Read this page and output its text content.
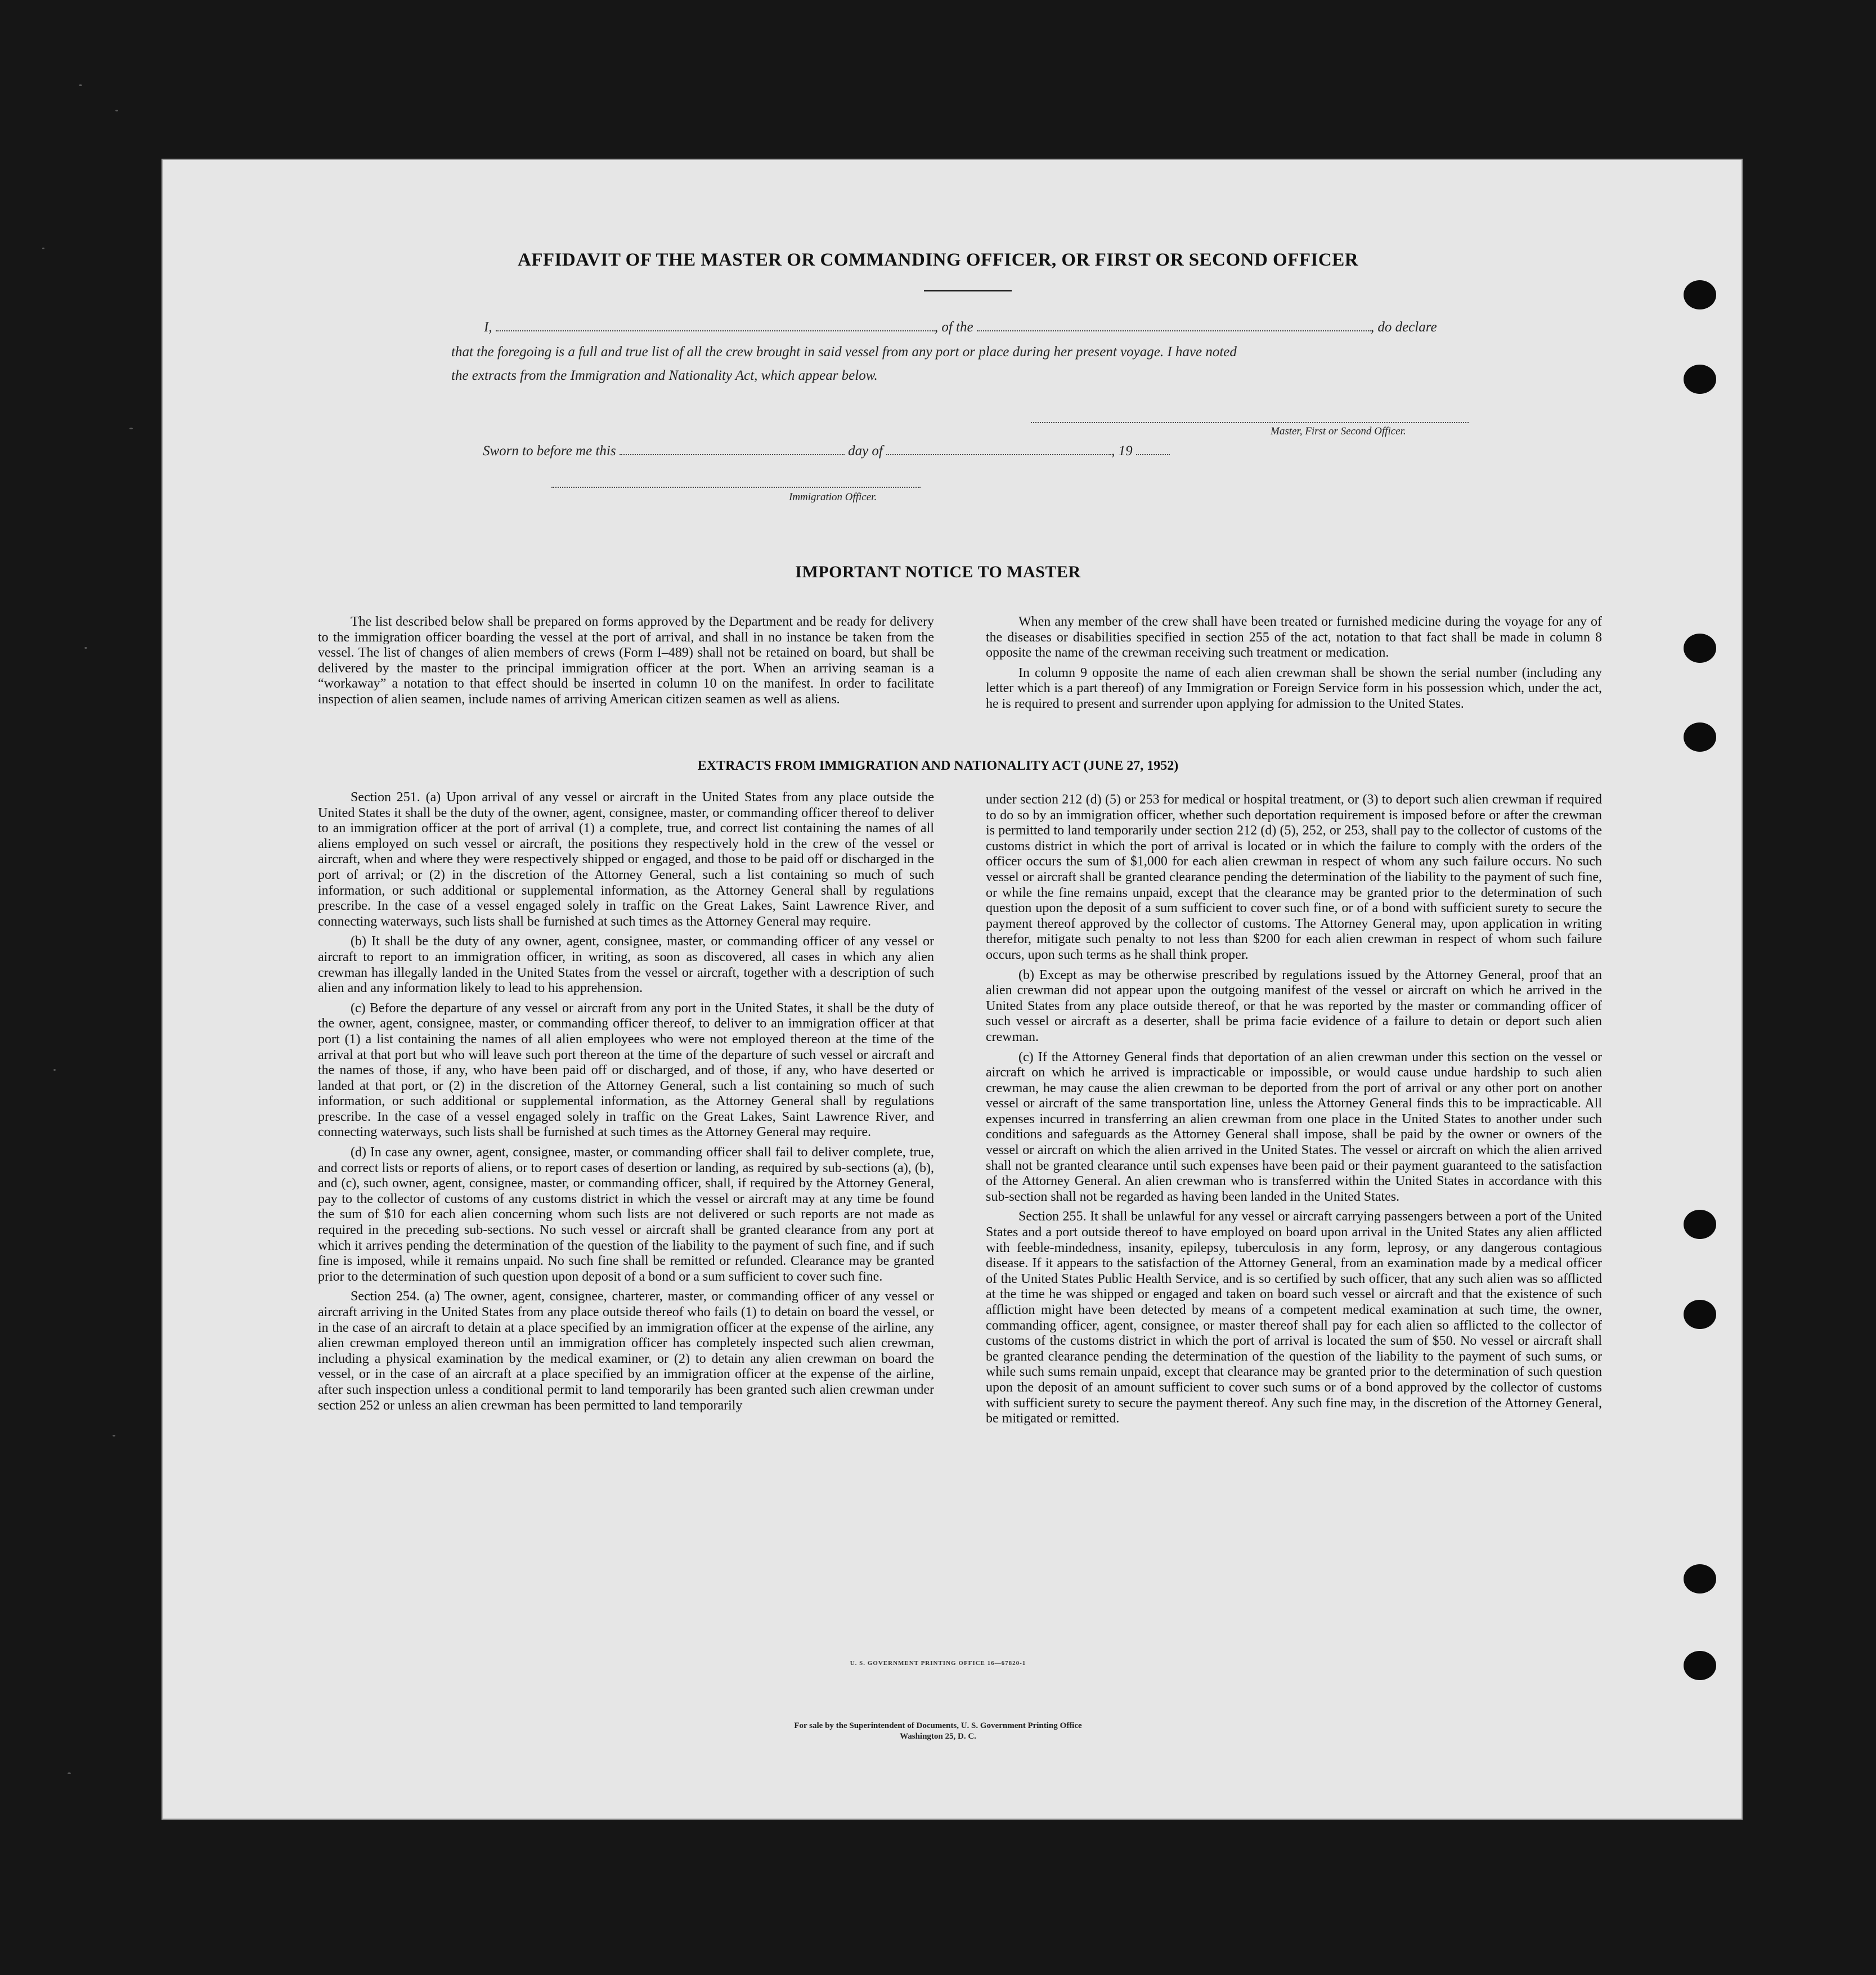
AFFIDAVIT OF THE MASTER OR COMMANDING OFFICER, OR FIRST OR SECOND OFFICER
I,	, of the	, do declare
that the foregoing is a full and true list of all the crew brought in said vessel from any port or place during her present voyage. I have noted
the extracts from the Immigration and Nationality Act, which appear below.
Master, First or Second Officer.
Sworn to before me this	day of	, 19
Immigration Officer.
IMPORTANT NOTICE TO MASTER

The list described below shall be prepared on forms approved by the Department and be ready for delivery to the immigration officer boarding the vessel at the port of arrival, and shall in no instance be taken from the vessel. The list of changes of alien members of crews (Form I–489) shall not be retained on board, but shall be delivered by the master to the principal immigration officer at the port. When an arriving seaman is a “workaway” a notation to that effect should be inserted in column 10 on the manifest. In order to facilitate inspection of alien seamen, include names of arriving American citizen seamen as well as aliens.

When any member of the crew shall have been treated or furnished medicine during the voyage for any of the diseases or disabilities specified in section 255 of the act, notation to that fact shall be made in column 8 opposite the name of the crewman receiving such treatment or medication.

In column 9 opposite the name of each alien crewman shall be shown the serial number (including any letter which is a part thereof) of any Immigration or Foreign Service form in his possession which, under the act, he is required to present and surrender upon applying for admission to the United States.

EXTRACTS FROM IMMIGRATION AND NATIONALITY ACT (JUNE 27, 1952)

Section 251. (a) Upon arrival of any vessel or aircraft in the United States from any place outside the United States it shall be the duty of the owner, agent, consignee, master, or commanding officer thereof to deliver to an immigration officer at the port of arrival (1) a complete, true, and correct list containing the names of all aliens employed on such vessel or aircraft, the positions they respectively hold in the crew of the vessel or aircraft, when and where they were respectively shipped or engaged, and those to be paid off or discharged in the port of arrival; or (2) in the discretion of the Attorney General, such a list containing so much of such information, or such additional or supplemental information, as the Attorney General shall by regulations prescribe. In the case of a vessel engaged solely in traffic on the Great Lakes, Saint Lawrence River, and connecting waterways, such lists shall be furnished at such times as the Attorney General may require.

(b) It shall be the duty of any owner, agent, consignee, master, or commanding officer of any vessel or aircraft to report to an immigration officer, in writing, as soon as discovered, all cases in which any alien crewman has illegally landed in the United States from the vessel or aircraft, together with a description of such alien and any information likely to lead to his apprehension.

(c) Before the departure of any vessel or aircraft from any port in the United States, it shall be the duty of the owner, agent, consignee, master, or commanding officer thereof, to deliver to an immigration officer at that port (1) a list containing the names of all alien employees who were not employed thereon at the time of the arrival at that port but who will leave such port thereon at the time of the departure of such vessel or aircraft and the names of those, if any, who have been paid off or discharged, and of those, if any, who have deserted or landed at that port, or (2) in the discretion of the Attorney General, such a list containing so much of such information, or such additional or supplemental information, as the Attorney General shall by regulations prescribe. In the case of a vessel engaged solely in traffic on the Great Lakes, Saint Lawrence River, and connecting waterways, such lists shall be furnished at such times as the Attorney General may require.

(d) In case any owner, agent, consignee, master, or commanding officer shall fail to deliver complete, true, and correct lists or reports of aliens, or to report cases of desertion or landing, as required by sub-sections (a), (b), and (c), such owner, agent, consignee, master, or commanding officer, shall, if required by the Attorney General, pay to the collector of customs of any customs district in which the vessel or aircraft may at any time be found the sum of $10 for each alien concerning whom such lists are not delivered or such reports are not made as required in the preceding sub-sections. No such vessel or aircraft shall be granted clearance from any port at which it arrives pending the determination of the question of the liability to the payment of such fine, and if such fine is imposed, while it remains unpaid. No such fine shall be remitted or refunded. Clearance may be granted prior to the determination of such question upon deposit of a bond or a sum sufficient to cover such fine.

Section 254. (a) The owner, agent, consignee, charterer, master, or commanding officer of any vessel or aircraft arriving in the United States from any place outside thereof who fails (1) to detain on board the vessel, or in the case of an aircraft to detain at a place specified by an immigration officer at the expense of the airline, any alien crewman employed thereon until an immigration officer has completely inspected such alien crewman, including a physical examination by the medical examiner, or (2) to detain any alien crewman on board the vessel, or in the case of an aircraft at a place specified by an immigration officer at the expense of the airline, after such inspection unless a conditional permit to land temporarily has been granted such alien crewman under section 252 or unless an alien crewman has been permitted to land temporarily

under section 212 (d) (5) or 253 for medical or hospital treatment, or (3) to deport such alien crewman if required to do so by an immigration officer, whether such deportation requirement is imposed before or after the crewman is permitted to land temporarily under section 212 (d) (5), 252, or 253, shall pay to the collector of customs of the customs district in which the port of arrival is located or in which the failure to comply with the orders of the officer occurs the sum of $1,000 for each alien crewman in respect of whom any such failure occurs. No such vessel or aircraft shall be granted clearance pending the determination of the liability to the payment of such fine, or while the fine remains unpaid, except that the clearance may be granted prior to the determination of such question upon the deposit of a sum sufficient to cover such fine, or of a bond with sufficient surety to secure the payment thereof approved by the collector of customs. The Attorney General may, upon application in writing therefor, mitigate such penalty to not less than $200 for each alien crewman in respect of whom such failure occurs, upon such terms as he shall think proper.

(b) Except as may be otherwise prescribed by regulations issued by the Attorney General, proof that an alien crewman did not appear upon the outgoing manifest of the vessel or aircraft on which he arrived in the United States from any place outside thereof, or that he was reported by the master or commanding officer of such vessel or aircraft as a deserter, shall be prima facie evidence of a failure to detain or deport such alien crewman.

(c) If the Attorney General finds that deportation of an alien crewman under this section on the vessel or aircraft on which he arrived is impracticable or impossible, or would cause undue hardship to such alien crewman, he may cause the alien crewman to be deported from the port of arrival or any other port on another vessel or aircraft of the same transportation line, unless the Attorney General finds this to be impracticable. All expenses incurred in transferring an alien crewman from one place in the United States to another under such conditions and safeguards as the Attorney General shall impose, shall be paid by the owner or owners of the vessel or aircraft on which the alien arrived in the United States. The vessel or aircraft on which the alien arrived shall not be granted clearance until such expenses have been paid or their payment guaranteed to the satisfaction of the Attorney General. An alien crewman who is transferred within the United States in accordance with this sub-section shall not be regarded as having been landed in the United States.

Section 255. It shall be unlawful for any vessel or aircraft carrying passengers between a port of the United States and a port outside thereof to have employed on board upon arrival in the United States any alien afflicted with feeble-mindedness, insanity, epilepsy, tuberculosis in any form, leprosy, or any dangerous contagious disease. If it appears to the satisfaction of the Attorney General, from an examination made by a medical officer of the United States Public Health Service, and is so certified by such officer, that any such alien was so afflicted at the time he was shipped or engaged and taken on board such vessel or aircraft and that the existence of such affliction might have been detected by means of a competent medical examination at such time, the owner, commanding officer, agent, consignee, or master thereof shall pay for each alien so afflicted to the collector of customs of the customs district in which the port of arrival is located the sum of $50. No vessel or aircraft shall be granted clearance pending the determination of the question of the liability to the payment of such sums, or while such sums remain unpaid, except that clearance may be granted prior to the determination of such question upon the deposit of an amount sufficient to cover such sums or of a bond approved by the collector of customs with sufficient surety to secure the payment thereof. Any such fine may, in the discretion of the Attorney General, be mitigated or remitted.

U. S. GOVERNMENT PRINTING OFFICE 16—67820-1
For sale by the Superintendent of Documents, U. S. Government Printing Office
Washington 25, D. C.
